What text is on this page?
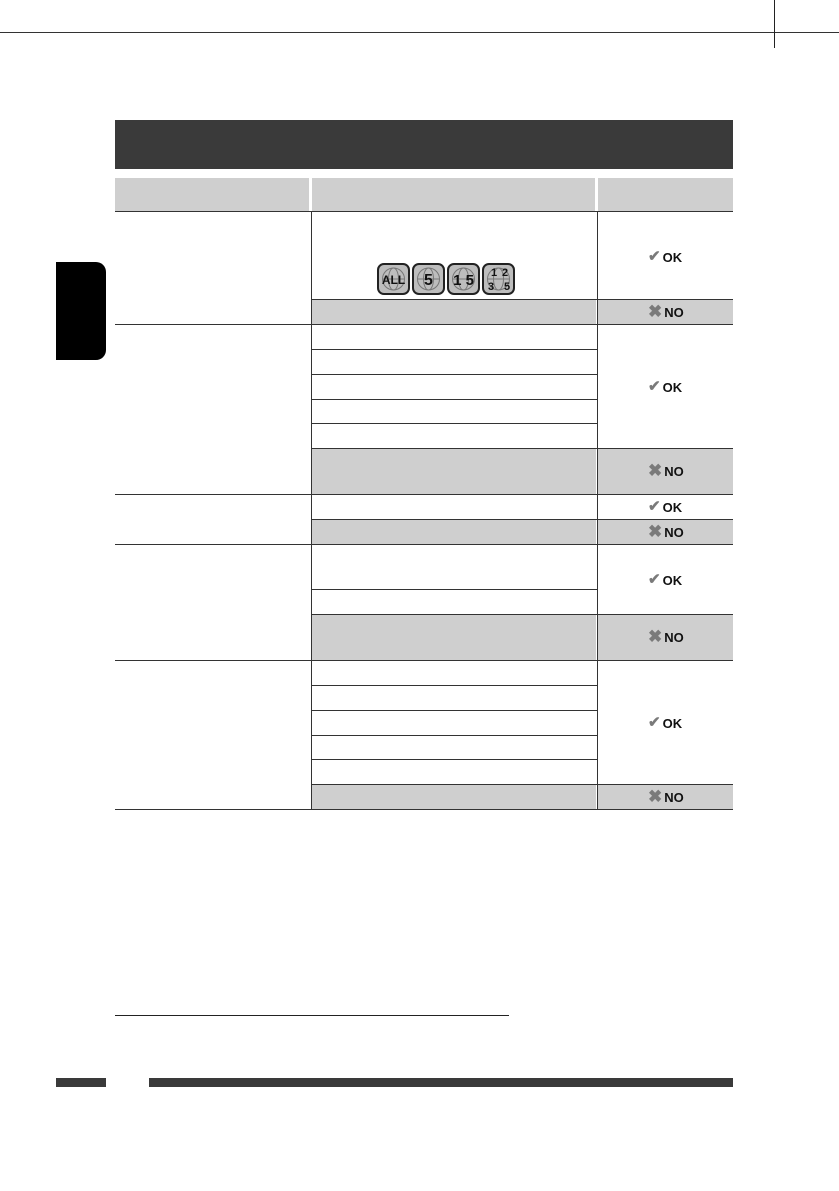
ALL 5 1 5 1 2
3 5
✔ OK
✖ NO
✔ OK
✖ NO
✔ OK
✖ NO
✔ OK
✖ NO
✔ OK
✖ NO
